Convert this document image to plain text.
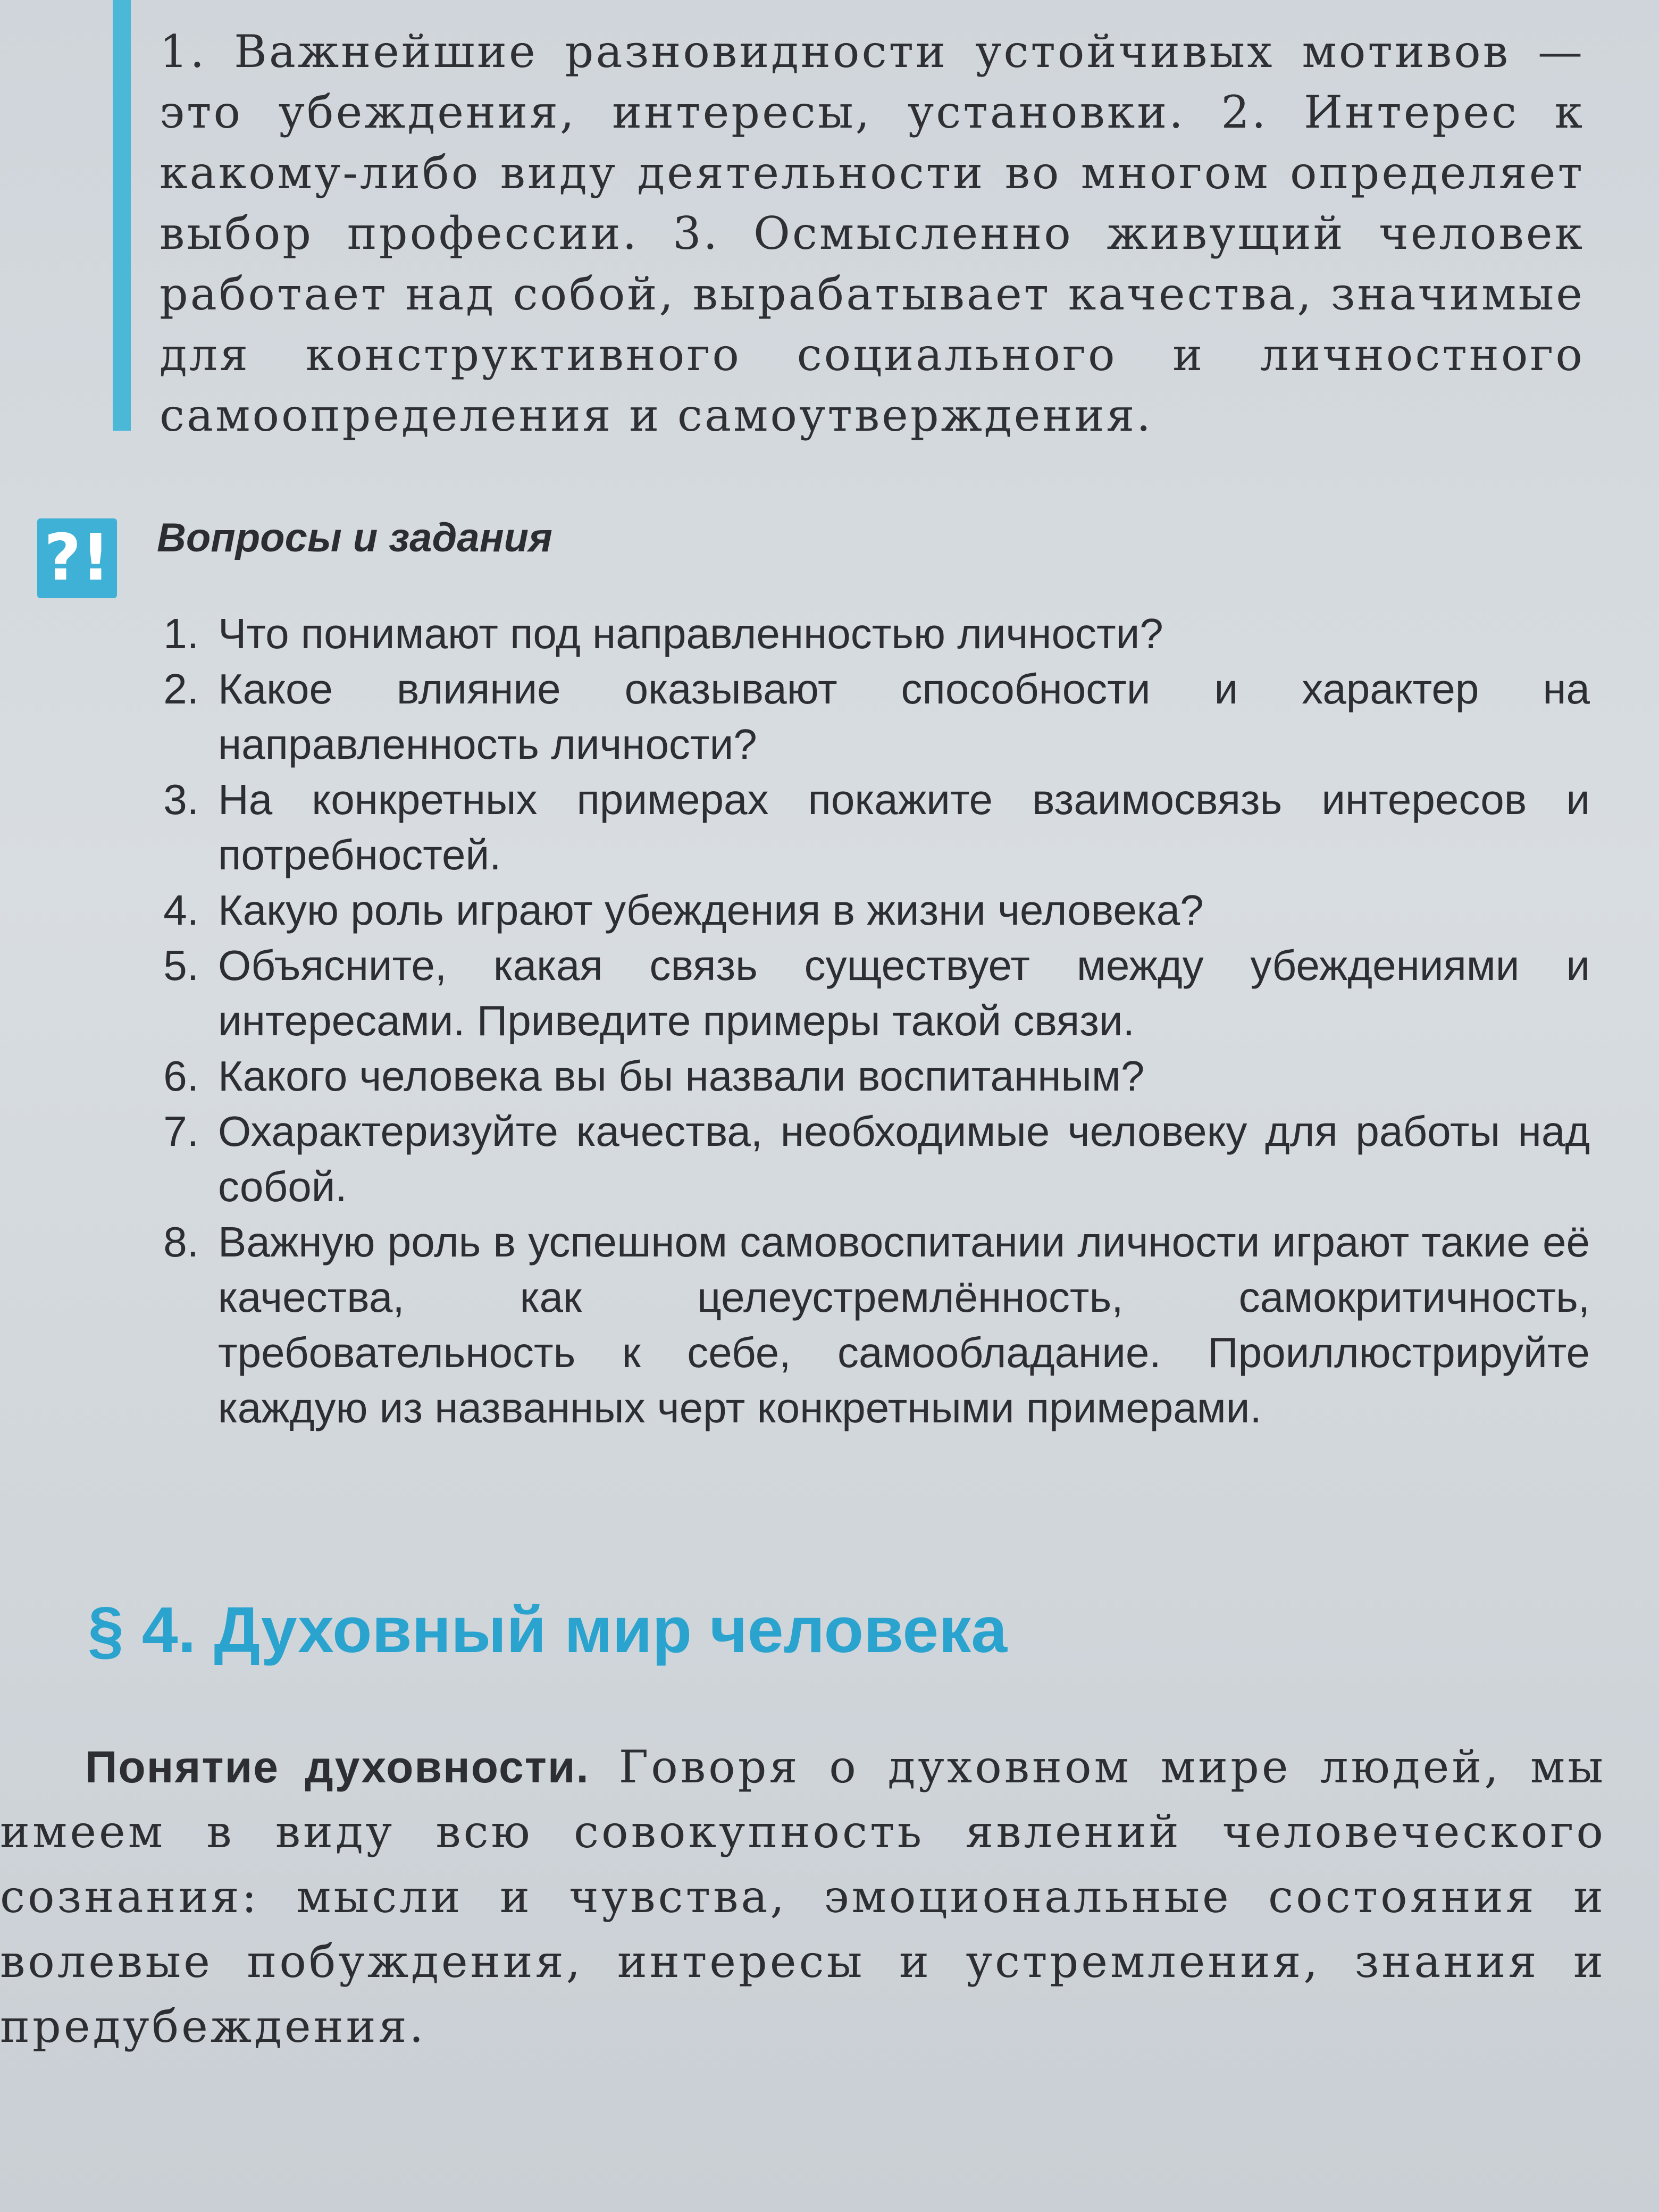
1. Важнейшие разновидности устойчивых мотивов — это убеждения, интересы, установки. 2. Интерес к какому-либо виду деятельности во многом определяет выбор профессии. 3. Осмысленно живущий человек работает над собой, вырабатывает качества, значимые для конструктивного социального и личностного самоопределения и самоутверждения.

?! Вопросы и задания
1. Что понимают под направленностью личности?
2. Какое влияние оказывают способности и характер на направленность личности?
3. На конкретных примерах покажите взаимосвязь интересов и потребностей.
4. Какую роль играют убеждения в жизни человека?
5. Объясните, какая связь существует между убеждениями и интересами. Приведите примеры такой связи.
6. Какого человека вы бы назвали воспитанным?
7. Охарактеризуйте качества, необходимые человеку для работы над собой.
8. Важную роль в успешном самовоспитании личности играют такие её качества, как целеустремлённость, самокритичность, требовательность к себе, самообладание. Проиллюстрируйте каждую из названных черт конкретными примерами.
§ 4. Духовный мир человека

Понятие духовности. Говоря о духовном мире людей, мы имеем в виду всю совокупность явлений человеческого сознания: мысли и чувства, эмоциональные состояния и волевые побуждения, интересы и устремления, знания и предубеждения.
